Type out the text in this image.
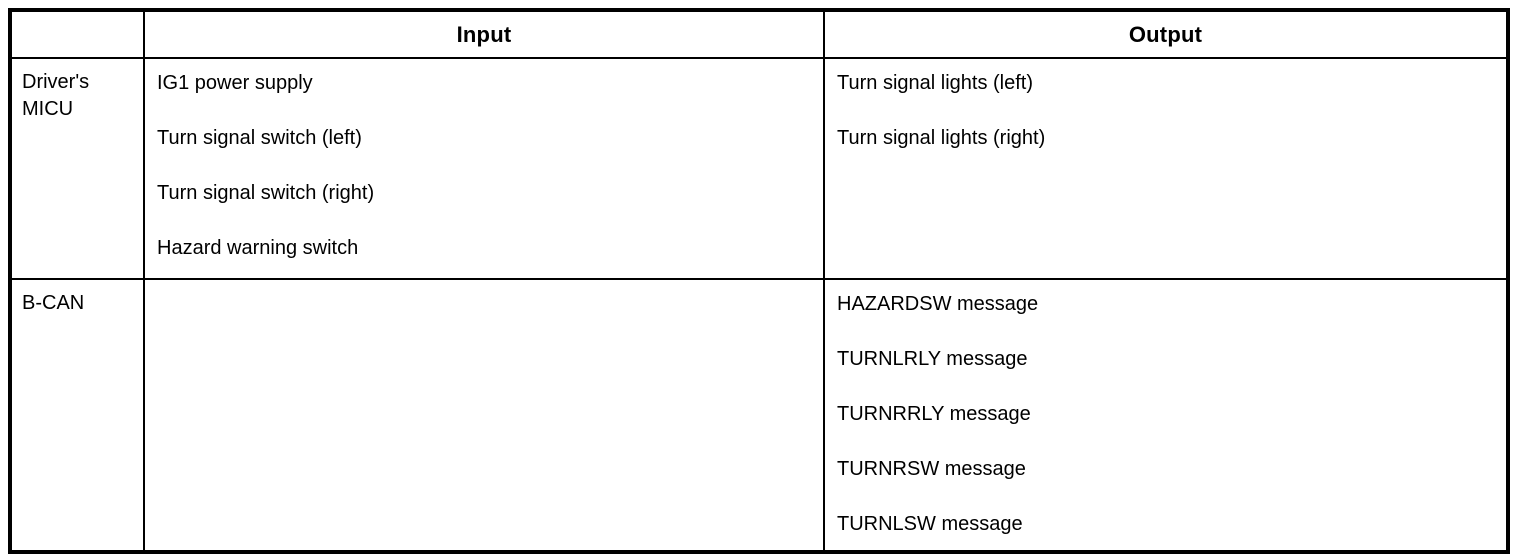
Input	Output
Driver's MICU
IG1 power supply
Turn signal switch (left)
Turn signal switch (right)
Hazard warning switch
Turn signal lights (left)
Turn signal lights (right)
B-CAN	HAZARDSW message
TURNLRLY message
TURNRRLY message
TURNRSW message
TURNLSW message
